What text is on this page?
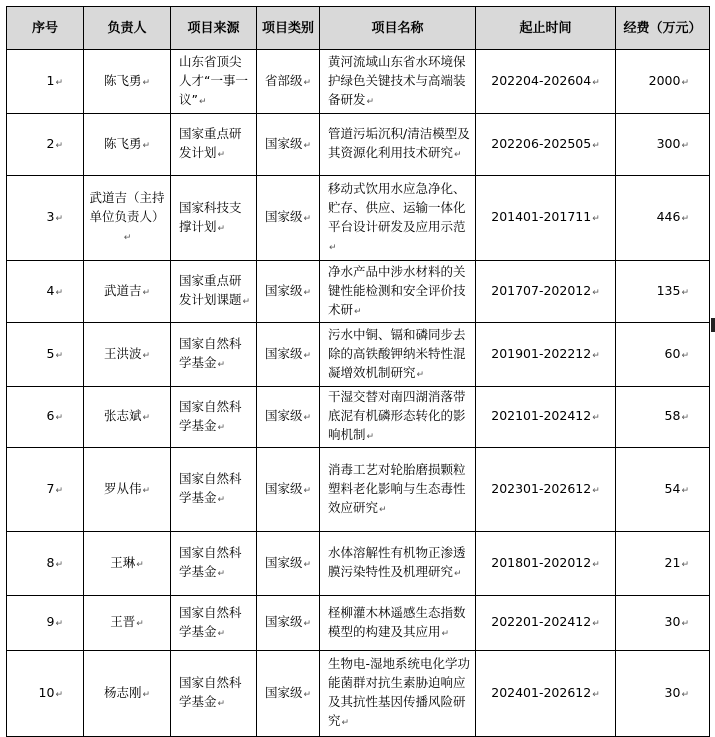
序号	负责人	项目来源	项目类别	项目名称	起止时间	经费（万元）
1↵	陈飞勇↵	山东省顶尖人才“一事一议”↵	省部级↵	黄河流域山东省水环境保护绿色关键技术与高端装备研发↵	202204-202604↵	2000↵
2↵	陈飞勇↵	国家重点研发计划↵	国家级↵	管道污垢沉积/清洁模型及其资源化利用技术研究↵	202206-202505↵	300↵
3↵	武道吉（主持单位负责人）↵	国家科技支撑计划↵	国家级↵	移动式饮用水应急净化、贮存、供应、运输一体化平台设计研发及应用示范↵	201401-201711↵	446↵
4↵	武道吉↵	国家重点研发计划课题↵	国家级↵	净水产品中涉水材料的关键性能检测和安全评价技术研↵	201707-202012↵	135↵
5↵	王洪波↵	国家自然科学基金↵	国家级↵	污水中铜、镉和磷同步去除的高铁酸钾纳米特性混凝增效机制研究↵	201901-202212↵	60↵
6↵	张志斌↵	国家自然科学基金↵	国家级↵	干湿交替对南四湖消落带底泥有机磷形态转化的影响机制↵	202101-202412↵	58↵
7↵	罗从伟↵	国家自然科学基金↵	国家级↵	消毒工艺对轮胎磨损颗粒塑料老化影响与生态毒性效应研究↵	202301-202612↵	54↵
8↵	王琳↵	国家自然科学基金↵	国家级↵	水体溶解性有机物正渗透膜污染特性及机理研究↵	201801-202012↵	21↵
9↵	王晋↵	国家自然科学基金↵	国家级↵	柽柳灌木林遥感生态指数模型的构建及其应用↵	202201-202412↵	30↵
10↵	杨志刚↵	国家自然科学基金↵	国家级↵	生物电-湿地系统电化学功能菌群对抗生素胁迫响应及其抗性基因传播风险研究↵	202401-202612↵	30↵
